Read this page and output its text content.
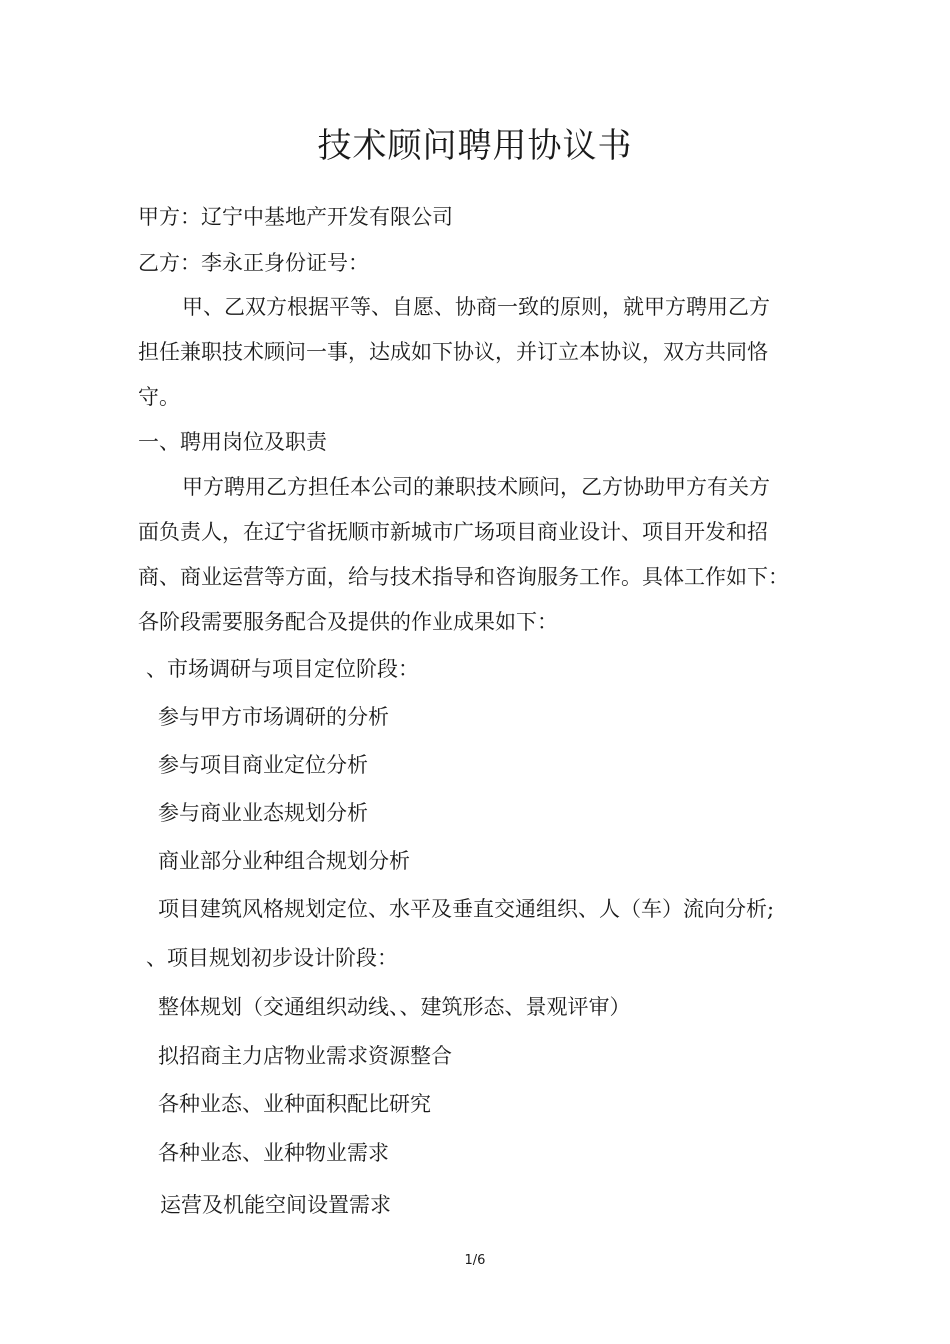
技术顾问聘用协议书
甲方：辽宁中基地产开发有限公司
乙方：李永正身份证号：
甲、乙双方根据平等、自愿、协商一致的原则，就甲方聘用乙方
担任兼职技术顾问一事，达成如下协议，并订立本协议，双方共同恪
守。
一、聘用岗位及职责
甲方聘用乙方担任本公司的兼职技术顾问，乙方协助甲方有关方
面负责人，在辽宁省抚顺市新城市广场项目商业设计、项目开发和招
商、商业运营等方面，给与技术指导和咨询服务工作。具体工作如下：
各阶段需要服务配合及提供的作业成果如下：
、市场调研与项目定位阶段：
参与甲方市场调研的分析
参与项目商业定位分析
参与商业业态规划分析
商业部分业种组合规划分析
项目建筑风格规划定位、水平及垂直交通组织、人（车）流向分析;
、项目规划初步设计阶段：
整体规划（交通组织动线、、建筑形态、景观评审）
拟招商主力店物业需求资源整合
各种业态、业种面积配比研究
各种业态、业种物业需求
运营及机能空间设置需求
1/6
